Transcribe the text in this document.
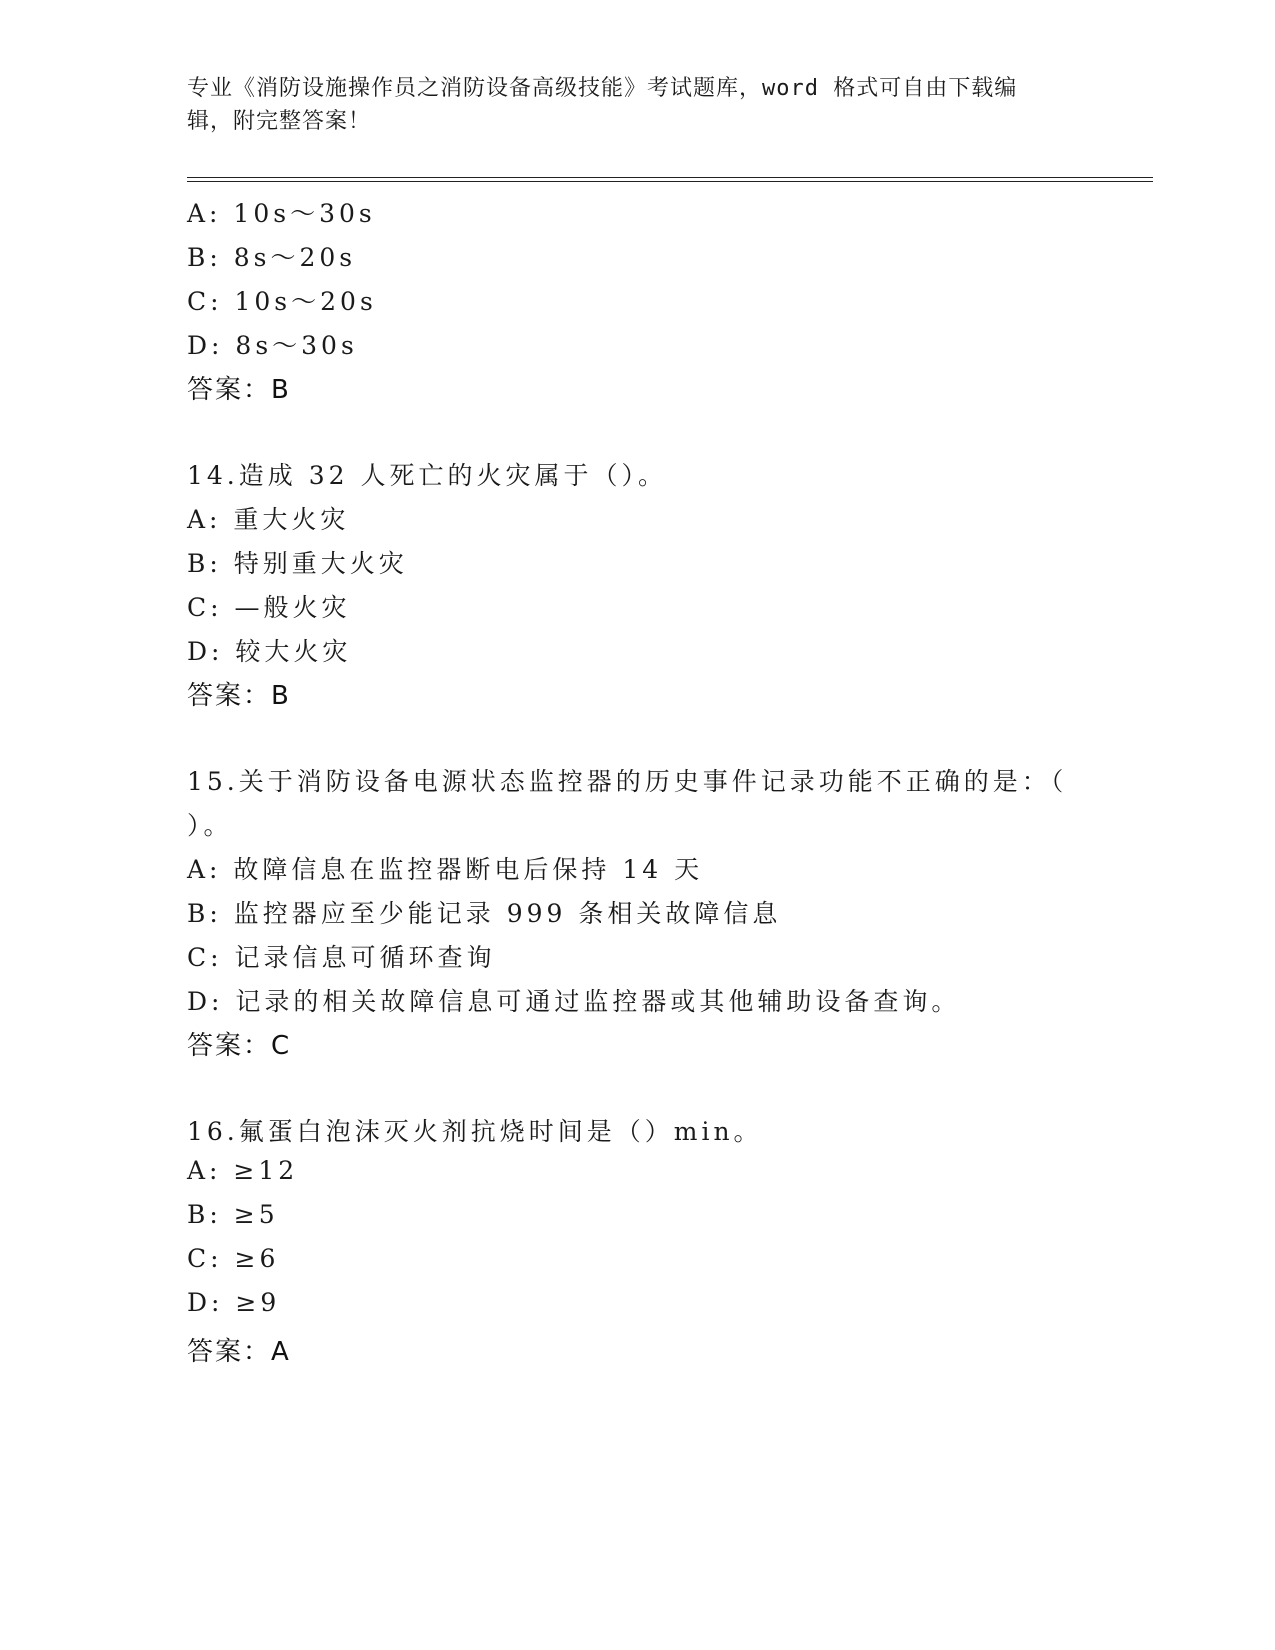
专业《消防设施操作员之消防设备高级技能》考试题库，word 格式可自由下载编
辑，附完整答案！
A: 10s～30s
B: 8s～20s
C: 10s～20s
D: 8s～30s
答案：B
14.造成 32 人死亡的火灾属于（）。
A: 重大火灾
B: 特别重大火灾
C: —般火灾
D: 较大火灾
答案：B
15.关于消防设备电源状态监控器的历史事件记录功能不正确的是：（
）。
A: 故障信息在监控器断电后保持 14 天
B: 监控器应至少能记录 999 条相关故障信息
C: 记录信息可循环查询
D: 记录的相关故障信息可通过监控器或其他辅助设备查询。
答案：C
16.氟蛋白泡沫灭火剂抗烧时间是（）min。
A: ≥12
B: ≥5
C: ≥6
D: ≥9
答案：A
